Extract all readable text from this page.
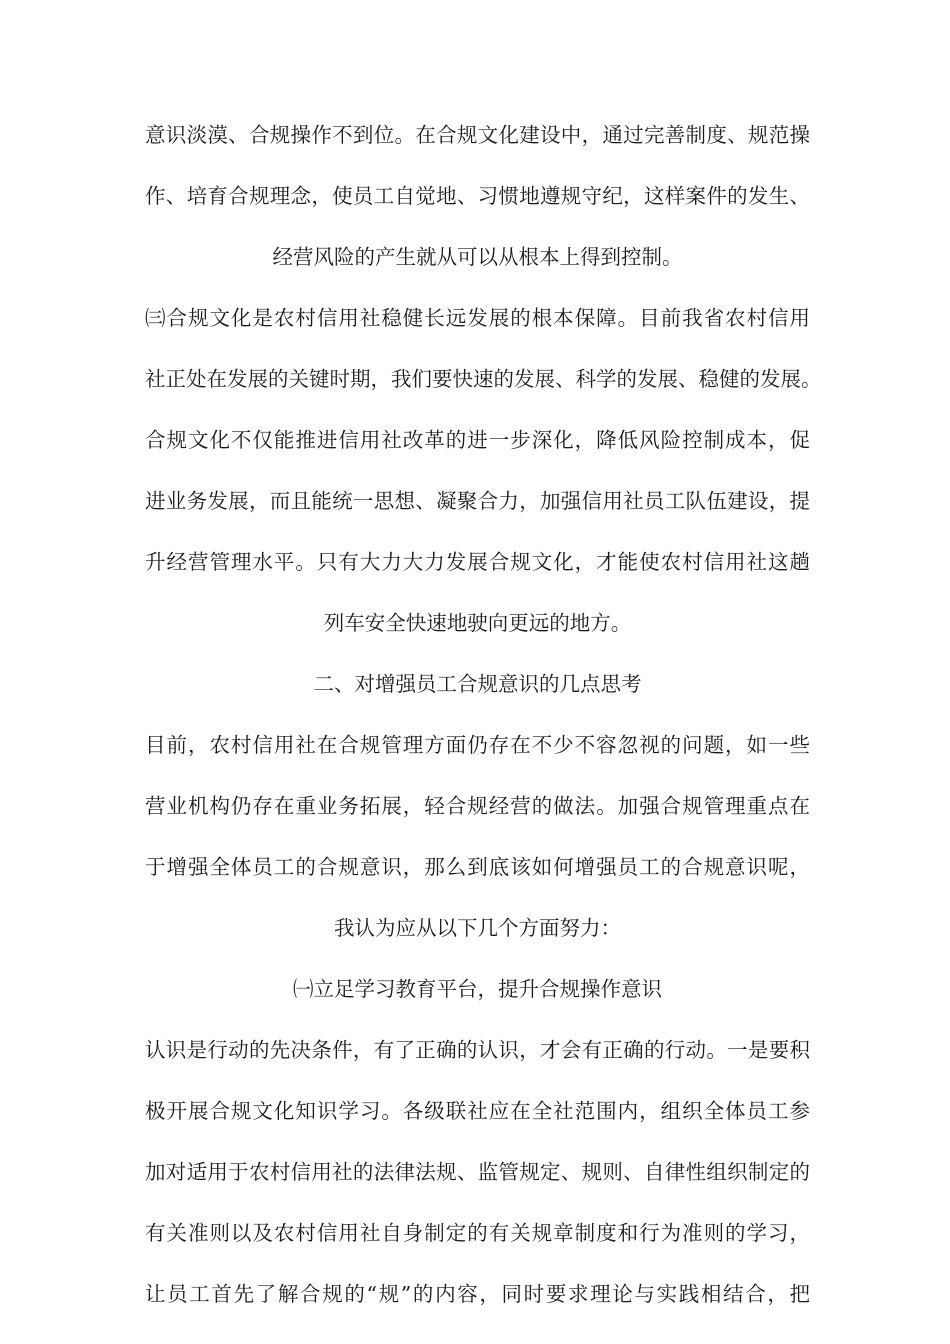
意识淡漠、合规操作不到位。在合规文化建设中，通过完善制度、规范操
作、培育合规理念，使员工自觉地、习惯地遵规守纪，这样案件的发生、
经营风险的产生就从可以从根本上得到控制。
㈢合规文化是农村信用社稳健长远发展的根本保障。目前我省农村信用
社正处在发展的关键时期，我们要快速的发展、科学的发展、稳健的发展。
合规文化不仅能推进信用社改革的进一步深化，降低风险控制成本，促
进业务发展，而且能统一思想、凝聚合力，加强信用社员工队伍建设，提
升经营管理水平。只有大力大力发展合规文化，才能使农村信用社这趟
列车安全快速地驶向更远的地方。
二、对增强员工合规意识的几点思考
目前，农村信用社在合规管理方面仍存在不少不容忽视的问题，如一些
营业机构仍存在重业务拓展，轻合规经营的做法。加强合规管理重点在
于增强全体员工的合规意识，那么到底该如何增强员工的合规意识呢，
我认为应从以下几个方面努力：
㈠立足学习教育平台，提升合规操作意识
认识是行动的先决条件，有了正确的认识，才会有正确的行动。一是要积
极开展合规文化知识学习。各级联社应在全社范围内，组织全体员工参
加对适用于农村信用社的法律法规、监管规定、规则、自律性组织制定的
有关准则以及农村信用社自身制定的有关规章制度和行为准则的学习，
让员工首先了解合规的“规”的内容，同时要求理论与实践相结合，把
